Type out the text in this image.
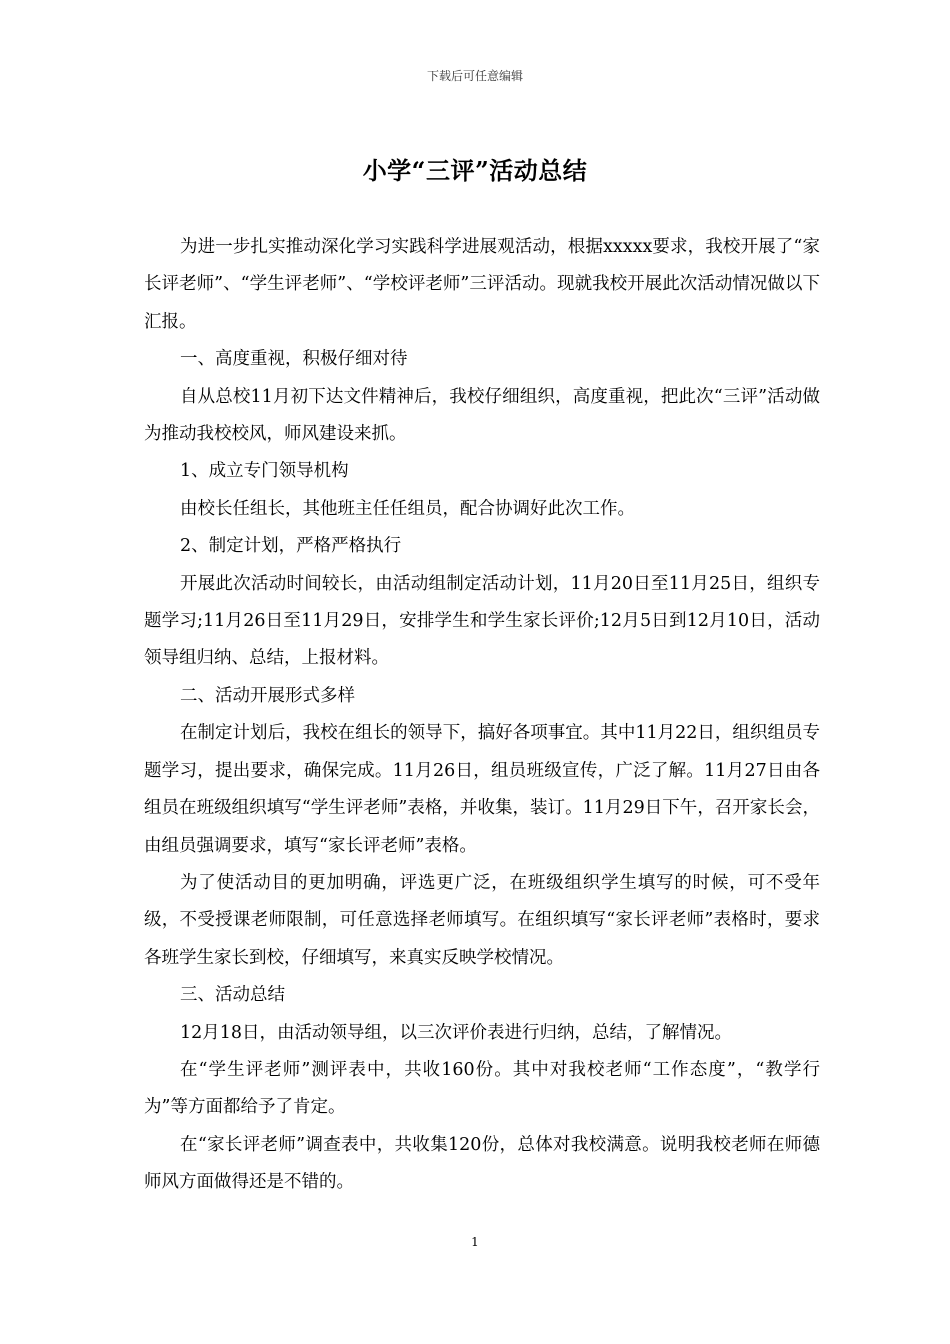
下载后可任意编辑
小学“三评”活动总结

为进一步扎实推动深化学习实践科学进展观活动，根据xxxxx要求，我校开展了“家长评老师”、“学生评老师”、“学校评老师”三评活动。现就我校开展此次活动情况做以下汇报。

一、高度重视，积极仔细对待

自从总校11月初下达文件精神后，我校仔细组织，高度重视，把此次“三评”活动做为推动我校校风，师风建设来抓。

1、成立专门领导机构

由校长任组长，其他班主任任组员，配合协调好此次工作。

2、制定计划，严格严格执行

开展此次活动时间较长，由活动组制定活动计划，11月20日至11月25日，组织专题学习;11月26日至11月29日，安排学生和学生家长评价;12月5日到12月10日，活动领导组归纳、总结，上报材料。

二、活动开展形式多样

在制定计划后，我校在组长的领导下，搞好各项事宜。其中11月22日，组织组员专题学习，提出要求，确保完成。11月26日，组员班级宣传，广泛了解。11月27日由各组员在班级组织填写“学生评老师”表格，并收集，装订。11月29日下午，召开家长会，由组员强调要求，填写“家长评老师”表格。

为了使活动目的更加明确，评选更广泛，在班级组织学生填写的时候，可不受年级，不受授课老师限制，可任意选择老师填写。在组织填写“家长评老师”表格时，要求各班学生家长到校，仔细填写，来真实反映学校情况。

三、活动总结

12月18日，由活动领导组，以三次评价表进行归纳，总结，了解情况。

在“学生评老师”测评表中，共收160份。其中对我校老师“工作态度”，“教学行为”等方面都给予了肯定。

在“家长评老师”调查表中，共收集120份，总体对我校满意。说明我校老师在师德师风方面做得还是不错的。

1
